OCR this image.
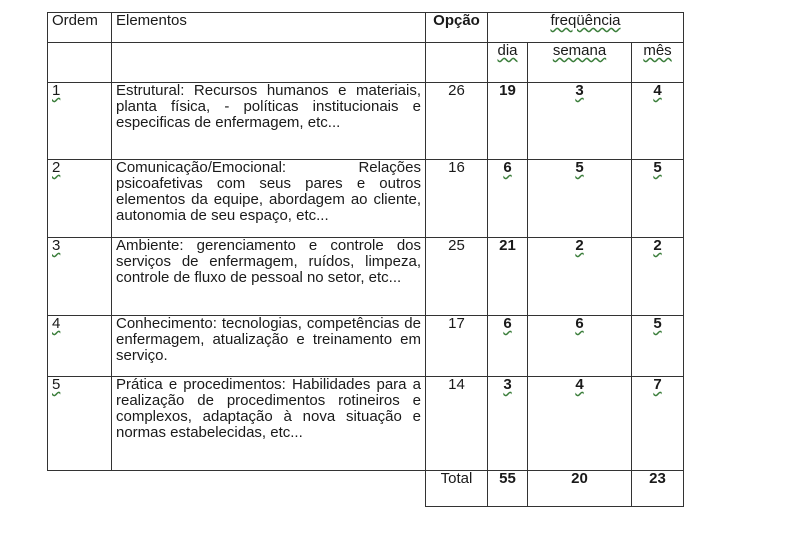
Ordem	Elementos	Opção	freqüência		
			dia	semana	mês
1	Estrutural: Recursos humanos e materiais, planta física, - políticas institucionais e especificas de enfermagem, etc...	26	19	3	4
2	Comunicação/Emocional: Relações psicoafetivas com seus pares e outros elementos da equipe, abordagem ao cliente, autonomia de seu espaço, etc...	16	6	5	5
3	Ambiente: gerenciamento e controle dos serviços de enfermagem, ruídos, limpeza, controle de fluxo de pessoal no setor, etc...	25	21	2	2
4	Conhecimento: tecnologias, competências de enfermagem, atualização e treinamento em serviço.	17	6	6	5
5	Prática e procedimentos: Habilidades para a realização de procedimentos rotineiros e complexos, adaptação à nova situação e normas estabelecidas, etc...	14	3	4	7
		Total	55	20	23
